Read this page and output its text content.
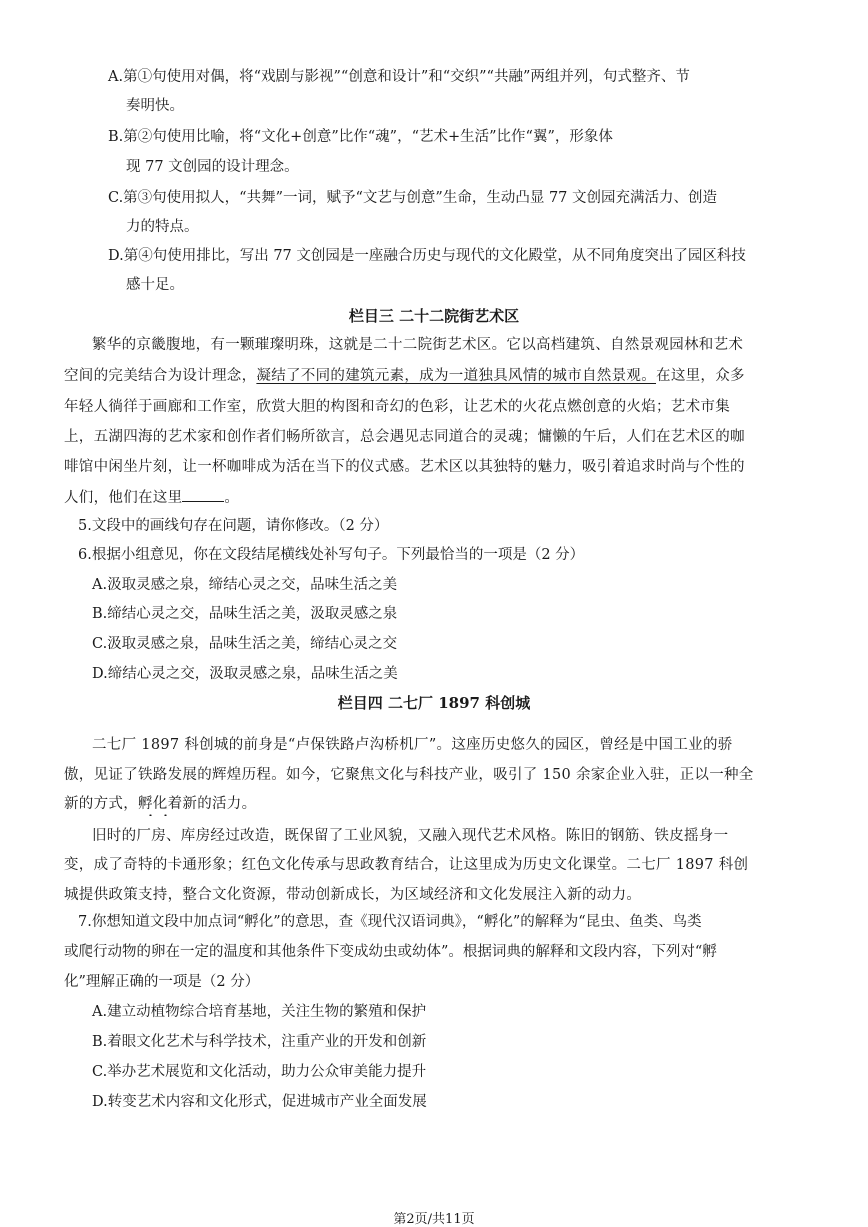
A.第①句使用对偶，将“戏剧与影视”“创意和设计”和“交织”“共融”两组并列，句式整齐、节
奏明快。
B.第②句使用比喻，将“文化+创意”比作“魂”，“艺术+生活”比作“翼”，形象体
现 77 文创园的设计理念。
C.第③句使用拟人，“共舞”一词，赋予“文艺与创意”生命，生动凸显 77 文创园充满活力、创造
力的特点。
D.第④句使用排比，写出 77 文创园是一座融合历史与现代的文化殿堂，从不同角度突出了园区科技
感十足。
栏目三 二十二院街艺术区
繁华的京畿腹地，有一颗璀璨明珠，这就是二十二院街艺术区。它以高档建筑、自然景观园林和艺术
空间的完美结合为设计理念，凝结了不同的建筑元素，成为一道独具风情的城市自然景观。在这里，众多
年轻人徜徉于画廊和工作室，欣赏大胆的构图和奇幻的色彩，让艺术的火花点燃创意的火焰；艺术市集
上，五湖四海的艺术家和创作者们畅所欲言，总会遇见志同道合的灵魂；慵懒的午后，人们在艺术区的咖
啡馆中闲坐片刻，让一杯咖啡成为活在当下的仪式感。艺术区以其独特的魅力，吸引着追求时尚与个性的
人们，他们在这里	。
5.文段中的画线句存在问题，请你修改。（2 分）
6.根据小组意见，你在文段结尾横线处补写句子。下列最恰当的一项是（2 分）
A.汲取灵感之泉，缔结心灵之交，品味生活之美
B.缔结心灵之交，品味生活之美，汲取灵感之泉
C.汲取灵感之泉，品味生活之美，缔结心灵之交
D.缔结心灵之交，汲取灵感之泉，品味生活之美
栏目四 二七厂 1897 科创城
二七厂 1897 科创城的前身是“卢保铁路卢沟桥机厂”。这座历史悠久的园区，曾经是中国工业的骄
傲，见证了铁路发展的辉煌历程。如今，它聚焦文化与科技产业，吸引了 150 余家企业入驻，正以一种全
新的方式，孵化着新的活力。
旧时的厂房、库房经过改造，既保留了工业风貌，又融入现代艺术风格。陈旧的钢筋、铁皮摇身一
变，成了奇特的卡通形象；红色文化传承与思政教育结合，让这里成为历史文化课堂。二七厂 1897 科创
城提供政策支持，整合文化资源，带动创新成长，为区域经济和文化发展注入新的动力。
7.你想知道文段中加点词“孵化”的意思，查《现代汉语词典》，“孵化”的解释为“昆虫、鱼类、鸟类
或爬行动物的卵在一定的温度和其他条件下变成幼虫或幼体”。根据词典的解释和文段内容，下列对“孵
化”理解正确的一项是（2 分）
A.建立动植物综合培育基地，关注生物的繁殖和保护
B.着眼文化艺术与科学技术，注重产业的开发和创新
C.举办艺术展览和文化活动，助力公众审美能力提升
D.转变艺术内容和文化形式，促进城市产业全面发展
第2页/共11页
